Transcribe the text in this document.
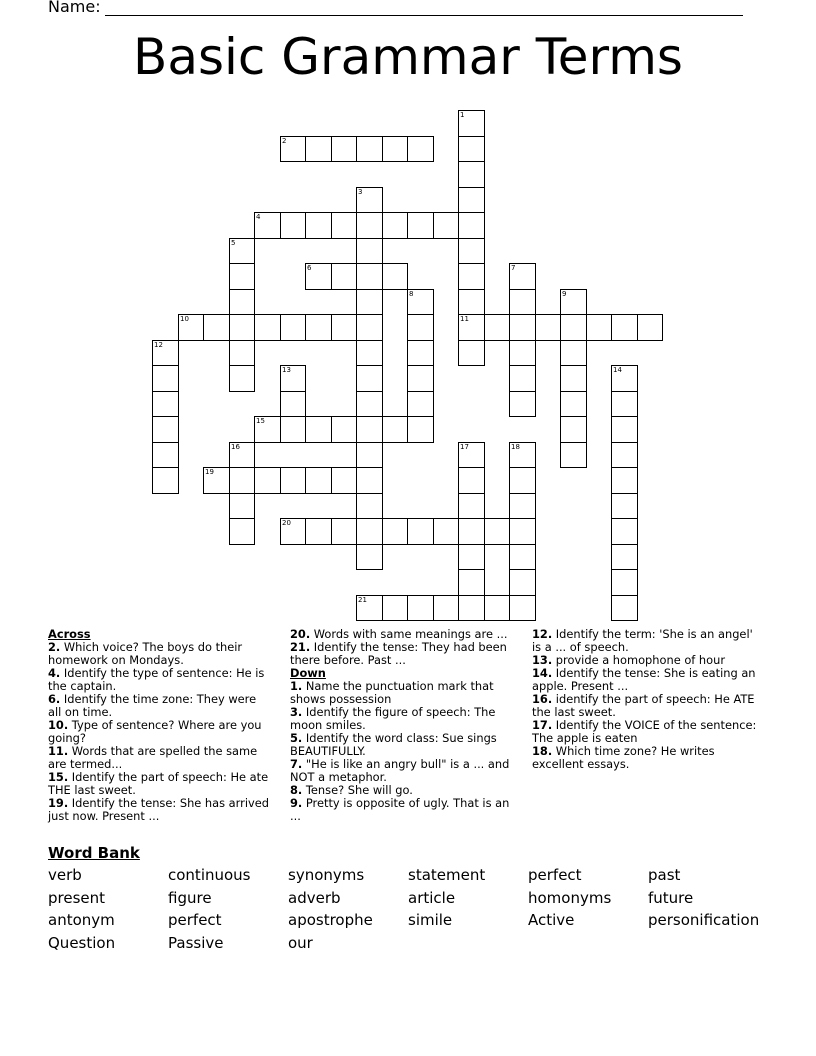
Name:
Basic Grammar Terms
1
11
2
3
4
5
6	7
8	9
10
12
13	14
15
16	17	18
19
20
21
Across
2. Which voice? The boys do their homework on Mondays.
4. Identify the type of sentence: He is the captain.
6. Identify the time zone: They were all on time.
10. Type of sentence? Where are you going?
11. Words that are spelled the same are termed...
15. Identify the part of speech: He ate THE last sweet.
19. Identify the tense: She has arrived just now. Present ...
20. Words with same meanings are ...
21. Identify the tense: They had been there before. Past ...
Down
1. Name the punctuation mark that shows possession
3. Identify the figure of speech: The moon smiles.
5. Identify the word class: Sue sings BEAUTIFULLY.
7. "He is like an angry bull" is a ... and NOT a metaphor.
8. Tense? She will go.
9. Pretty is opposite of ugly. That is an ...
12. Identify the term: 'She is an angel' is a ... of speech.
13. provide a homophone of hour
14. Identify the tense: She is eating an apple. Present ...
16. identify the part of speech: He ATE the last sweet.
17. Identify the VOICE of the sentence: The apple is eaten
18. Which time zone? He writes excellent essays.
Word Bank
verb	continuous	synonyms	statement	perfect	past
present	figure	adverb	article	homonyms future
antonym	perfect	apostrophe simile	Active	personification
Question	Passive	our
